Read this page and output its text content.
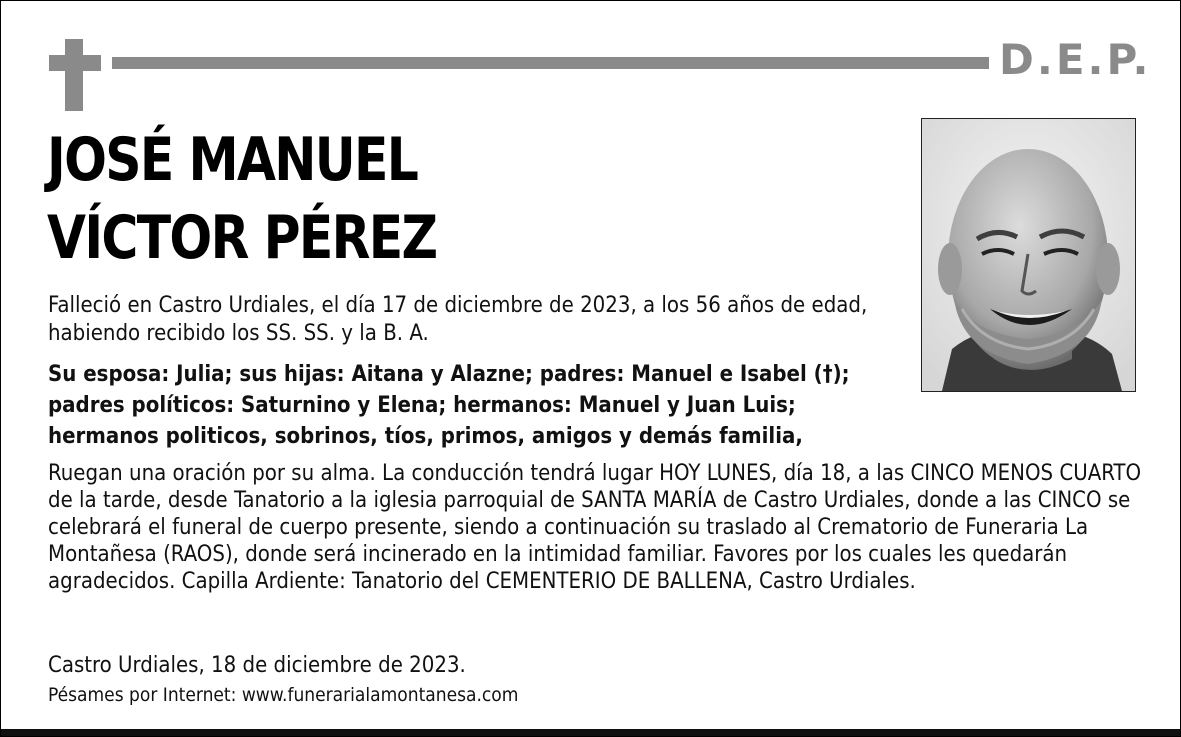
D.E.P.
JOSÉ MANUEL
VÍCTOR PÉREZ
Falleció en Castro Urdiales, el día 17 de diciembre de 2023, a los 56 años de edad, habiendo recibido los SS. SS. y la B. A.
Su esposa: Julia; sus hijas: Aitana y Alazne; padres: Manuel e Isabel (†); padres políticos: Saturnino y Elena; hermanos: Manuel y Juan Luis; hermanos politicos, sobrinos, tíos, primos, amigos y demás familia,
Ruegan una oración por su alma. La conducción tendrá lugar HOY LUNES, día 18, a las CINCO MENOS CUARTO de la tarde, desde Tanatorio a la iglesia parroquial de SANTA MARÍA de Castro Urdiales, donde a las CINCO se celebrará el funeral de cuerpo presente, siendo a continuación su traslado al Crematorio de Funeraria La Montañesa (RAOS), donde será incinerado en la intimidad familiar. Favores por los cuales les quedarán agradecidos. Capilla Ardiente: Tanatorio del CEMENTERIO DE BALLENA, Castro Urdiales.
Castro Urdiales, 18 de diciembre de 2023.
Pésames por Internet: www.funerarialamontanesa.com
